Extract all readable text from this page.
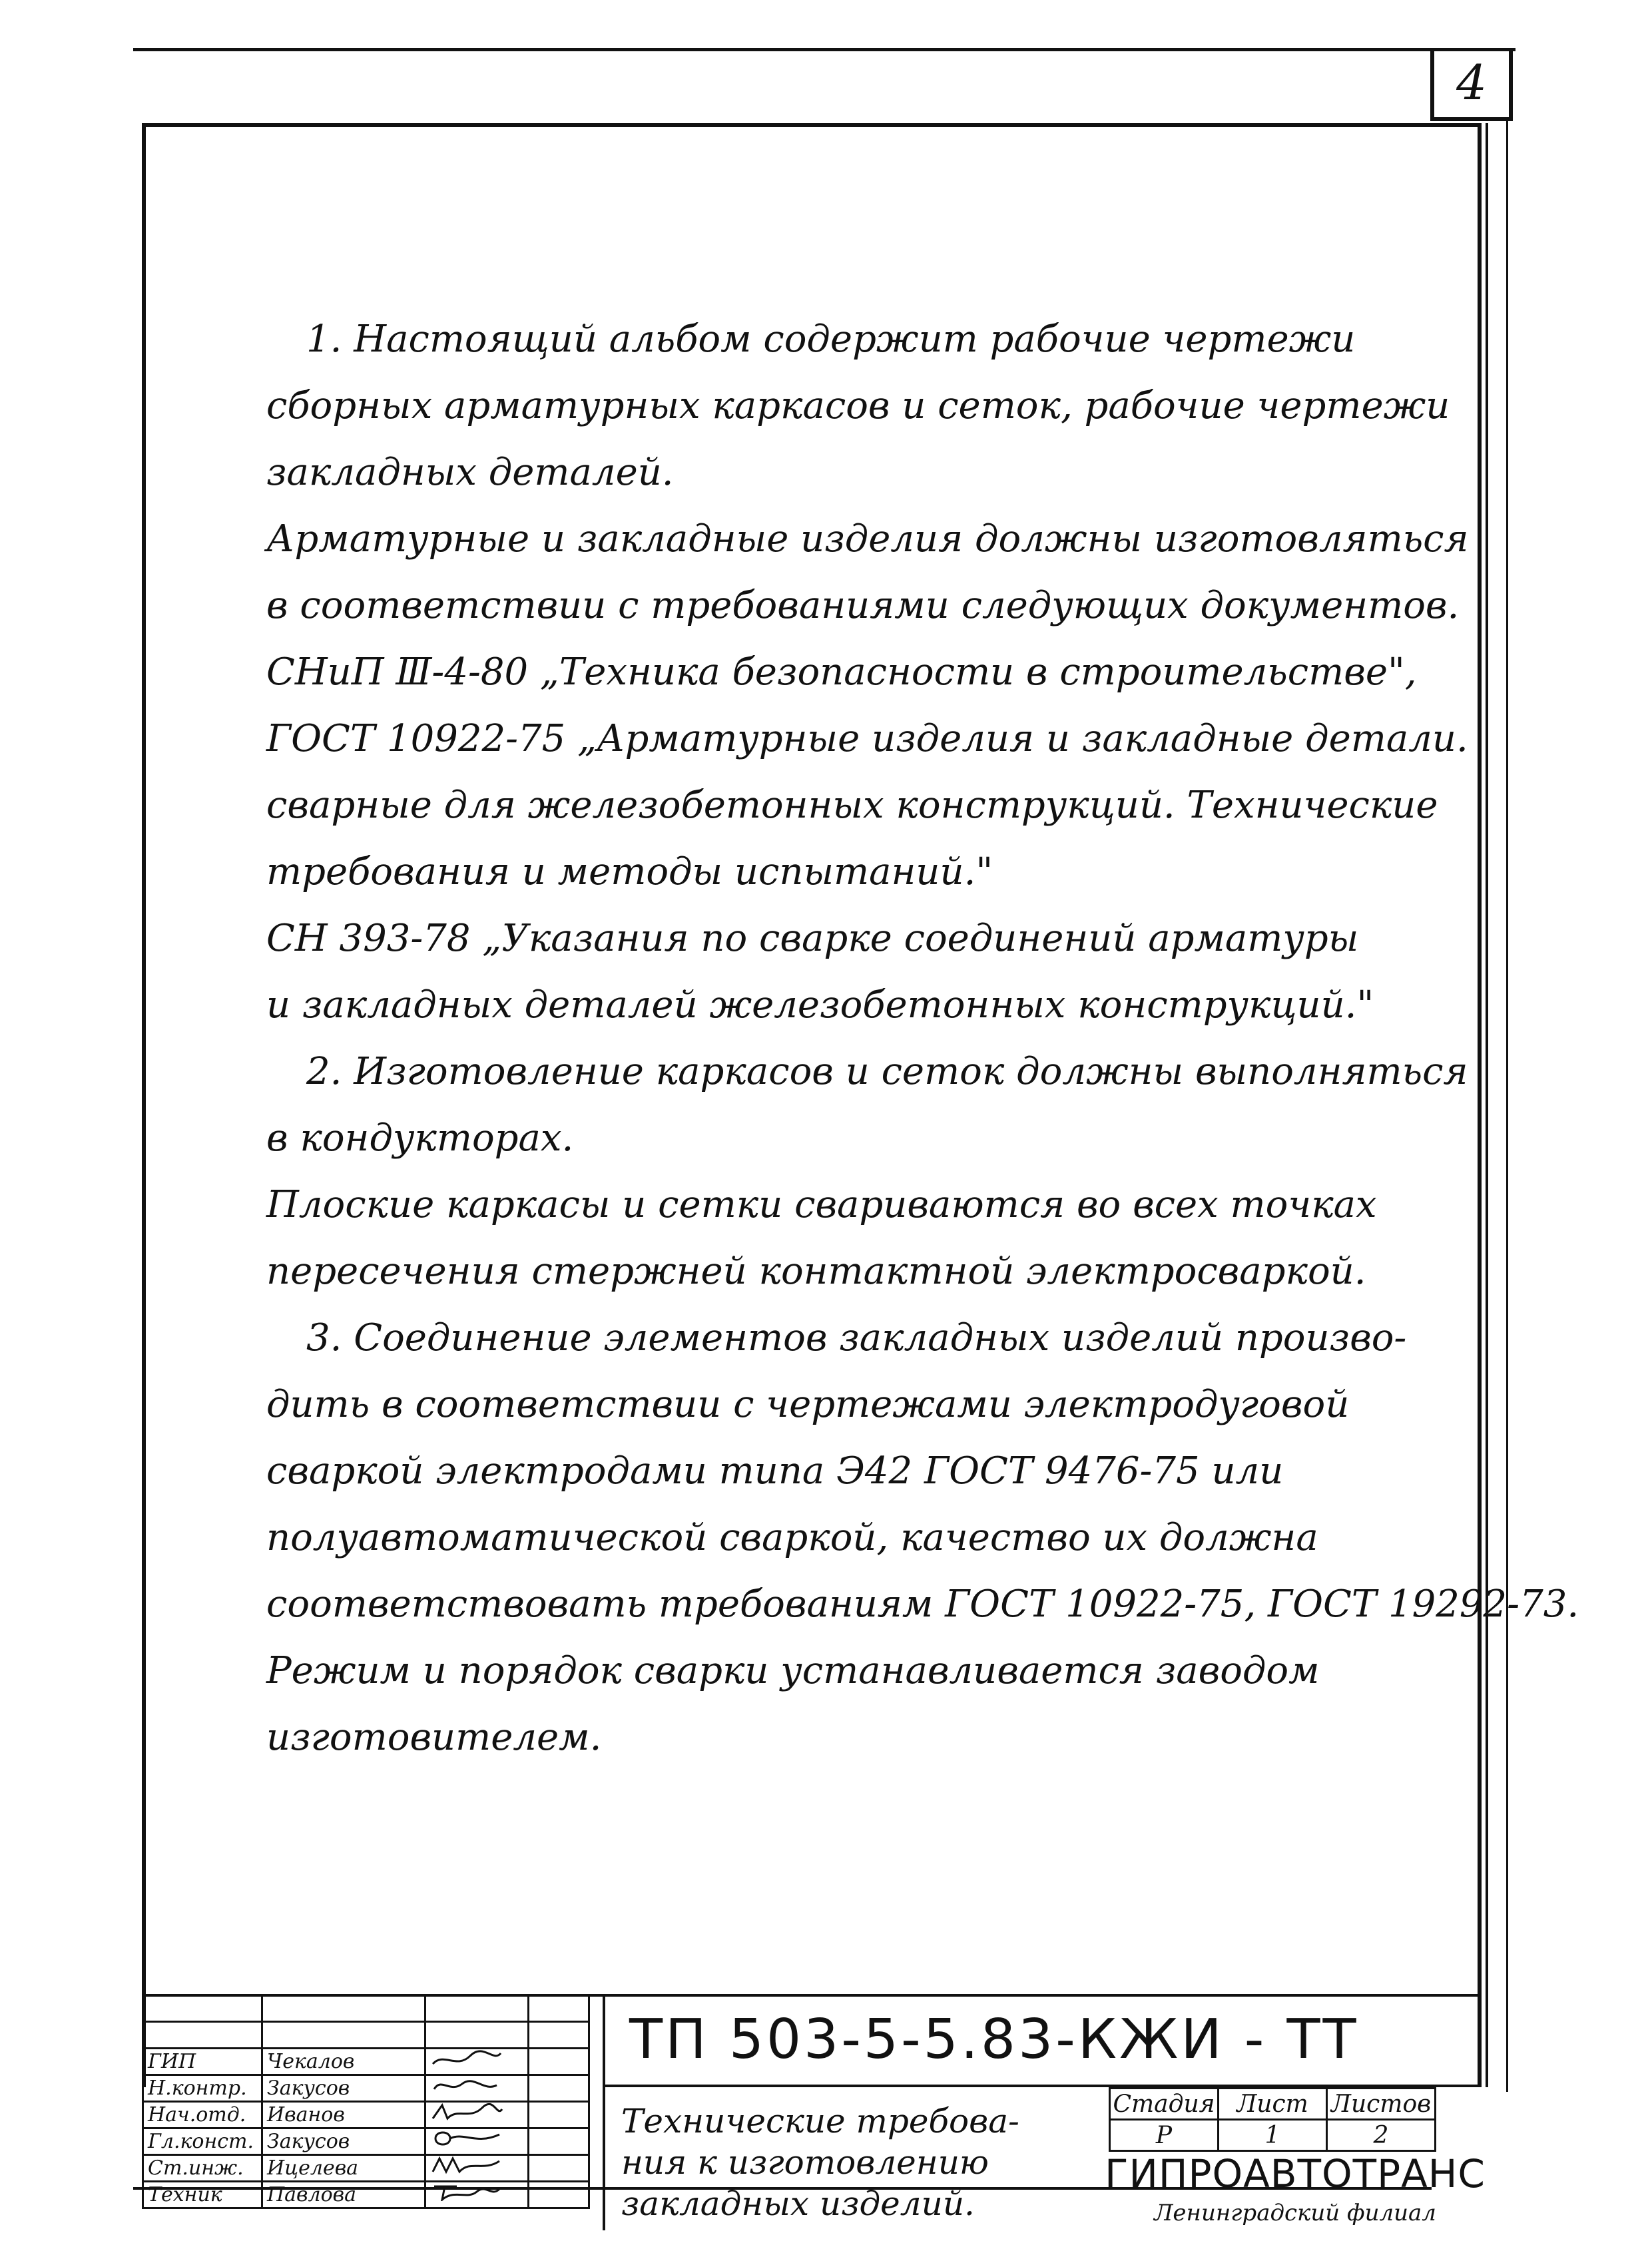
4
1. Настоящий альбом содержит рабочие чертежи
сборных арматурных каркасов и сеток, рабочие чертежи
закладных деталей.
Арматурные и закладные изделия должны изготовляться
в соответствии с требованиями следующих документов.
СНиП Ⅲ-4-80 „Техника безопасности в строительстве",
ГОСТ 10922-75 „Арматурные изделия и закладные детали.
сварные для железобетонных конструкций. Технические
требования и методы испытаний."
СН 393-78 „Указания по сварке соединений арматуры
и закладных деталей железобетонных конструкций."
2. Изготовление каркасов и сеток должны выполняться
в кондукторах.
Плоские каркасы и сетки свариваются во всех точках
пересечения стержней контактной электросваркой.
3. Соединение элементов закладных изделий произво-
дить в соответствии с чертежами электродуговой
сваркой электродами типа Э42 ГОСТ 9476-75 или
полуавтоматической сваркой, качество их должна
соответствовать требованиям ГОСТ 10922-75, ГОСТ 19292-73.
Режим и порядок сварки устанавливается заводом
изготовителем.

ГИП	Чекалов	

Н.контр.	Закусов	

Нач.отд.	Иванов	

Гл.конст.	Закусов	

Ст.инж.	Ицелева	

Техник	Павлова	

ТП 503-5-5.83-КЖИ - ТТ
Технические требова-
ния к изготовлению
закладных изделий.
Стадия	Лист	Листов
Р	1	2
ГИПРОАВТОТРАНС
Ленинградский филиал
